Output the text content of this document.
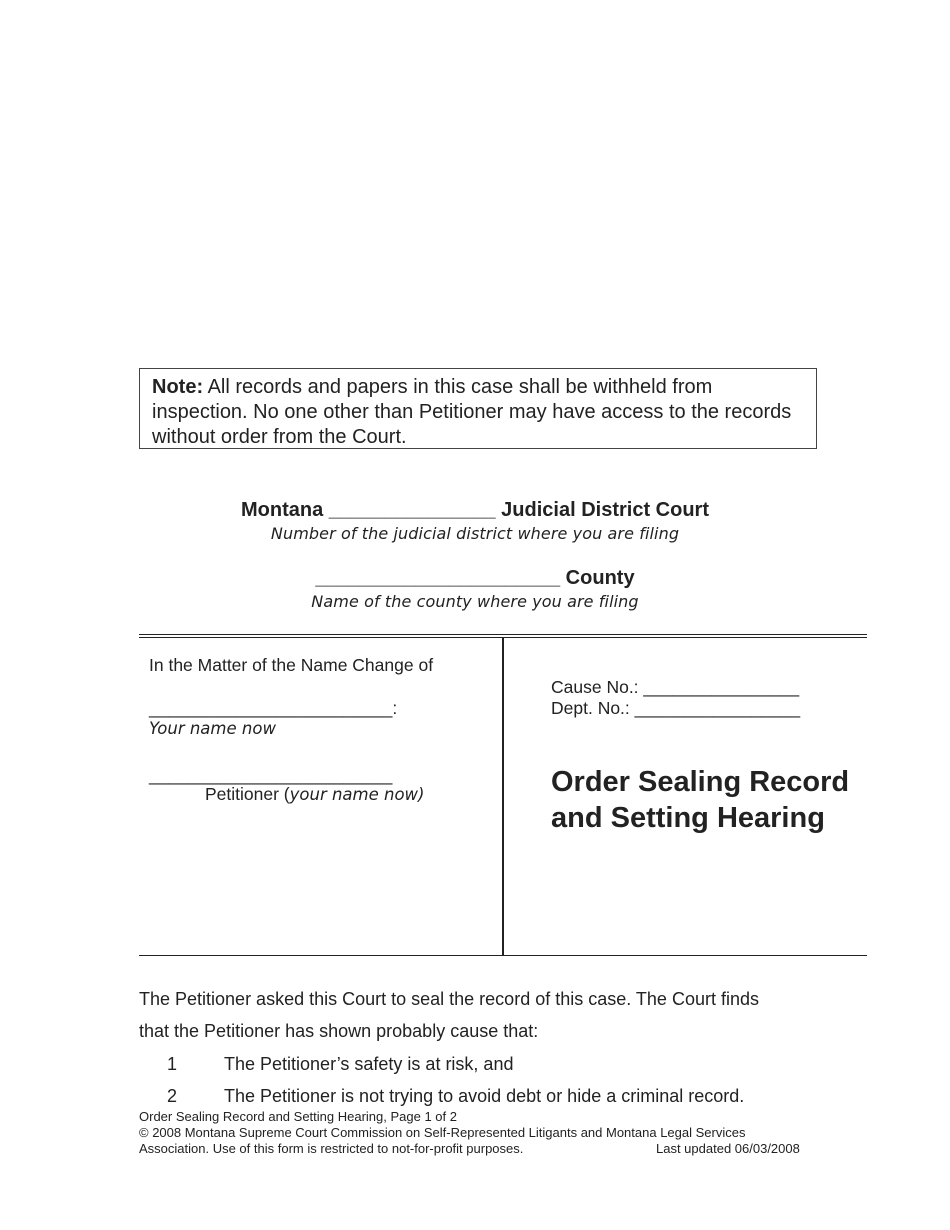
Note: All records and papers in this case shall be withheld from inspection. No one other than Petitioner may have access to the records without order from the Court.
Montana _______________ Judicial District Court
Number of the judicial district where you are filing
______________________ County
Name of the county where you are filing
In the Matter of the Name Change of
_________________________:
Your name now
_________________________
Petitioner (your name now)
Cause No.: ________________
Dept. No.: _________________
Order Sealing Record and Setting Hearing
The Petitioner asked this Court to seal the record of this case. The Court finds
that the Petitioner has shown probably cause that:
1	The Petitioner’s safety is at risk, and
2	The Petitioner is not trying to avoid debt or hide a criminal record.
Order Sealing Record and Setting Hearing, Page 1 of 2
© 2008 Montana Supreme Court Commission on Self-Represented Litigants and Montana Legal Services
Association. Use of this form is restricted to not-for-profit purposes.	Last updated 06/03/2008
